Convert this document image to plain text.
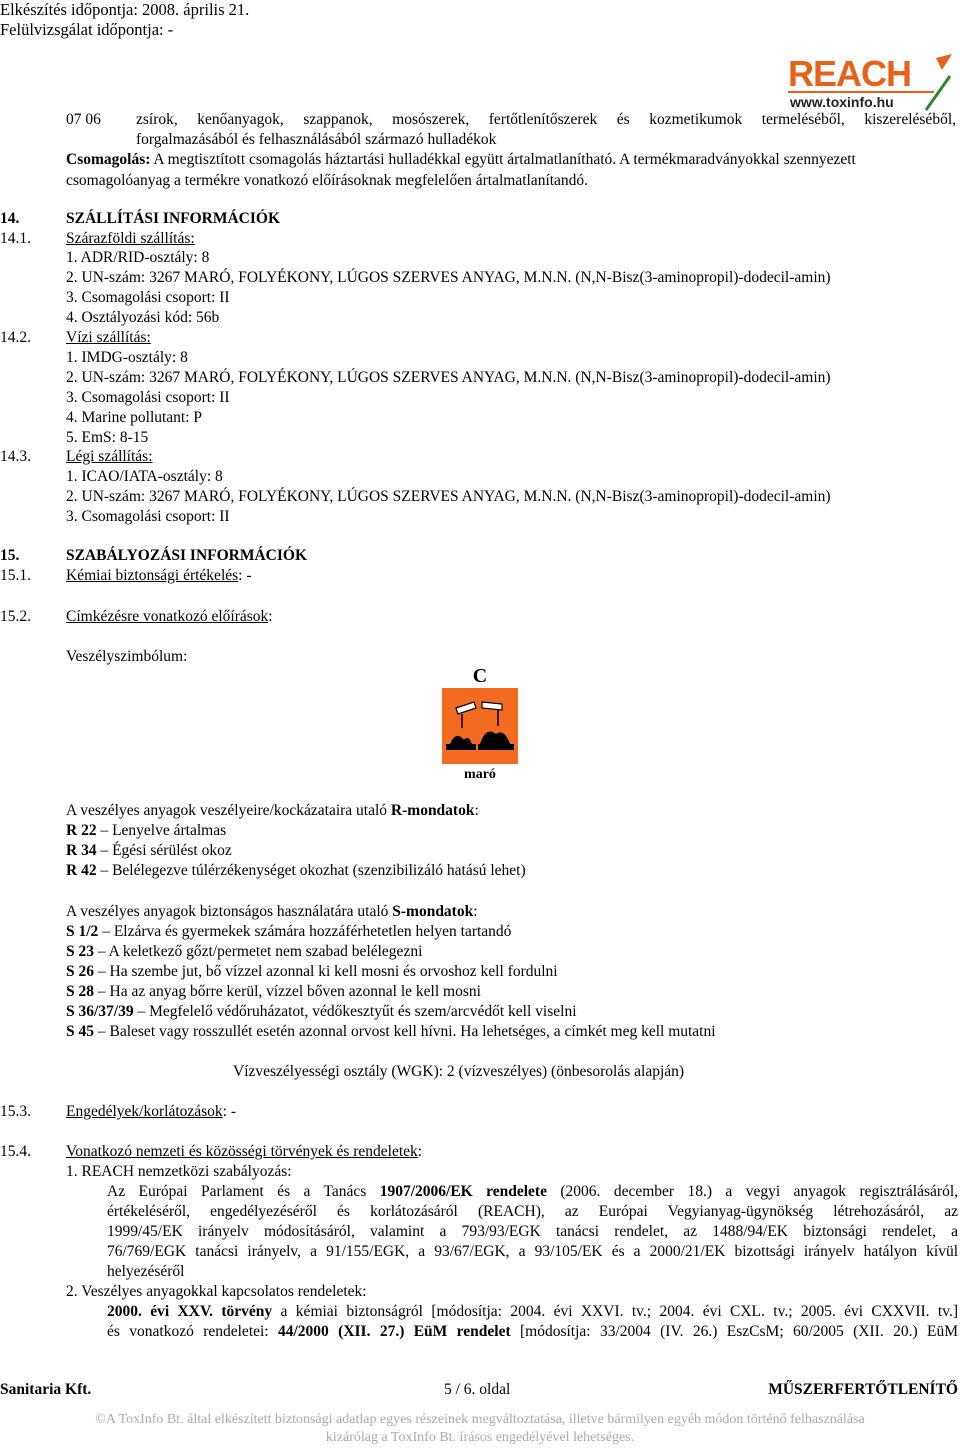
Elkészítés időpontja: 2008. április 21.
Felülvizsgálat időpontja: -
REACH
www.toxinfo.hu
07 06 zsírok, kenőanyagok, szappanok, mosószerek, fertőtlenítőszerek és kozmetikumok termeléséből, kiszereléséből,
forgalmazásából és felhasználásából származó hulladékok
Csomagolás: A megtisztított csomagolás háztartási hulladékkal együtt ártalmatlanítható. A termékmaradványokkal szennyezett
csomagolóanyag a termékre vonatkozó előírásoknak megfelelően ártalmatlanítandó.
14.	SZÁLLÍTÁSI INFORMÁCIÓK
14.1. Szárazföldi szállítás:
1. ADR/RID-osztály: 8
2. UN-szám: 3267 MARÓ, FOLYÉKONY, LÚGOS SZERVES ANYAG, M.N.N. (N,N-Bisz(3-aminopropil)-dodecil-amin)
3. Csomagolási csoport: II
4. Osztályozási kód: 56b
14.2. Vízi szállítás:
1. IMDG-osztály: 8
2. UN-szám: 3267 MARÓ, FOLYÉKONY, LÚGOS SZERVES ANYAG, M.N.N. (N,N-Bisz(3-aminopropil)-dodecil-amin)
3. Csomagolási csoport: II
4. Marine pollutant: P
5. EmS: 8-15
14.3. Légi szállítás:
1. ICAO/IATA-osztály: 8
2. UN-szám: 3267 MARÓ, FOLYÉKONY, LÚGOS SZERVES ANYAG, M.N.N. (N,N-Bisz(3-aminopropil)-dodecil-amin)
3. Csomagolási csoport: II
15.	SZABÁLYOZÁSI INFORMÁCIÓK
15.1. Kémiai biztonsági értékelés: -
15.2. Címkézésre vonatkozó előírások:
Veszélyszimbólum:
C
maró
A veszélyes anyagok veszélyeire/kockázataira utaló R-mondatok:
R 22 – Lenyelve ártalmas
R 34 – Égési sérülést okoz
R 42 – Belélegezve túlérzékenységet okozhat (szenzibilizáló hatású lehet)
A veszélyes anyagok biztonságos használatára utaló S-mondatok:
S 1/2 – Elzárva és gyermekek számára hozzáférhetetlen helyen tartandó
S 23 – A keletkező gőzt/permetet nem szabad belélegezni
S 26 – Ha szembe jut, bő vízzel azonnal ki kell mosni és orvoshoz kell fordulni
S 28 – Ha az anyag bőrre kerül, vízzel bőven azonnal le kell mosni
S 36/37/39 – Megfelelő védőruházatot, védőkesztyűt és szem/arcvédőt kell viselni
S 45 – Baleset vagy rosszullét esetén azonnal orvost kell hívni. Ha lehetséges, a címkét meg kell mutatni
Vízveszélyességi osztály (WGK): 2 (vízveszélyes) (önbesorolás alapján)
15.3. Engedélyek/korlátozások: -
15.4. Vonatkozó nemzeti és közösségi törvények és rendeletek:
1. REACH nemzetközi szabályozás:
Az Európai Parlament és a Tanács 1907/2006/EK rendelete (2006. december 18.) a vegyi anyagok regisztrálásáról,
értékeléséről, engedélyezéséről és korlátozásáról (REACH), az Európai Vegyianyag-ügynökség létrehozásáról, az
1999/45/EK irányelv módosításáról, valamint a 793/93/EGK tanácsi rendelet, az 1488/94/EK biztonsági rendelet, a
76/769/EGK tanácsi irányelv, a 91/155/EGK, a 93/67/EGK, a 93/105/EK és a 2000/21/EK bizottsági irányelv hatályon kívül
helyezéséről
2. Veszélyes anyagokkal kapcsolatos rendeletek:
2000. évi XXV. törvény a kémiai biztonságról [módosítja: 2004. évi XXVI. tv.; 2004. évi CXL. tv.; 2005. évi CXXVII. tv.]
és vonatkozó rendeletei: 44/2000 (XII. 27.) EüM rendelet [módosítja: 33/2004 (IV. 26.) EszCsM; 60/2005 (XII. 20.) EüM
Sanitaria Kft.	5 / 6. oldal	MŰSZERFERTŐTLENÍTŐ
©A ToxInfo Bt. által elkészített biztonsági adatlap egyes részeinek megváltoztatása, illetve bármilyen egyéb módon történő felhasználása
kizárólag a ToxInfo Bt. írásos engedélyével lehetséges.
